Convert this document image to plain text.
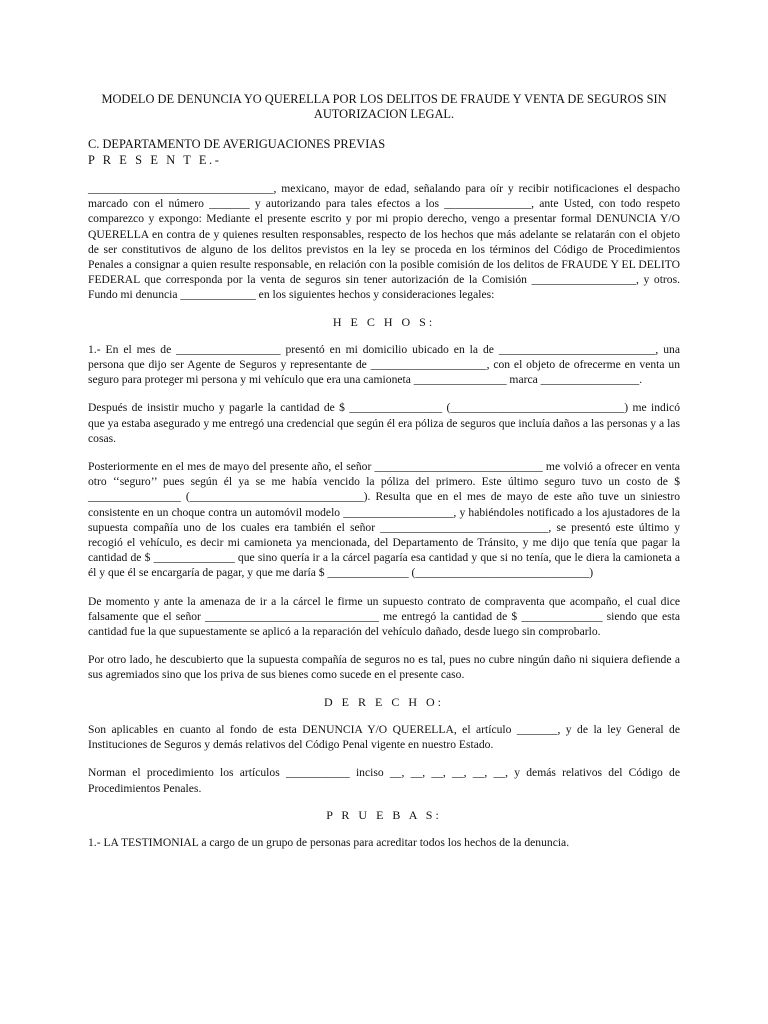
MODELO DE DENUNCIA YO QUERELLA POR LOS DELITOS DE FRAUDE Y VENTA DE SEGUROS SIN AUTORIZACION LEGAL.

C. DEPARTAMENTO DE AVERIGUACIONES PREVIAS

P R E S E N T E.-

________________________________, mexicano, mayor de edad, señalando para oír y recibir notificaciones el despacho marcado con el número _______ y autorizando para tales efectos a los _______________, ante Usted, con todo respeto comparezco y expongo: Mediante el presente escrito y por mi propio derecho, vengo a presentar formal DENUNCIA Y/O QUERELLA en contra de y quienes resulten responsables, respecto de los hechos que más adelante se relatarán con el objeto de ser constitutivos de alguno de los delitos previstos en la ley se proceda en los términos del Código de Procedimientos Penales a consignar a quien resulte responsable, en relación con la posible comisión de los delitos de FRAUDE Y EL DELITO FEDERAL que corresponda por la venta de seguros sin tener autorización de la Comisión __________________, y otros. Fundo mi denuncia _____________ en los siguientes hechos y consideraciones legales:

H E C H O S:

1.- En el mes de __________________ presentó en mi domicilio ubicado en la de ___________________________, una persona que dijo ser Agente de Seguros y representante de ____________________, con el objeto de ofrecerme en venta un seguro para proteger mi persona y mi vehículo que era una camioneta ________________ marca _________________.

Después de insistir mucho y pagarle la cantidad de $ ________________ (______________________________) me indicó que ya estaba asegurado y me entregó una credencial que según él era póliza de seguros que incluía daños a las personas y a las cosas.

Posteriormente en el mes de mayo del presente año, el señor _____________________________ me volvió a ofrecer en venta otro ‘‘seguro’’ pues según él ya se me había vencido la póliza del primero. Este último seguro tuvo un costo de $ ________________ (______________________________). Resulta que en el mes de mayo de este año tuve un siniestro consistente en un choque contra un automóvil modelo ___________________, y habiéndoles notificado a los ajustadores de la supuesta compañía uno de los cuales era también el señor _____________________________, se presentó este último y recogió el vehículo, es decir mi camioneta ya mencionada, del Departamento de Tránsito, y me dijo que tenía que pagar la cantidad de $ ______________ que sino quería ir a la cárcel pagaría esa cantidad y que si no tenía, que le diera la camioneta a él y que él se encargaría de pagar, y que me daría $ ______________ (______________________________)

De momento y ante la amenaza de ir a la cárcel le firme un supuesto contrato de compraventa que acompaño, el cual dice falsamente que el señor ______________________________ me entregó la cantidad de $ ______________ siendo que esta cantidad fue la que supuestamente se aplicó a la reparación del vehículo dañado, desde luego sin comprobarlo.

Por otro lado, he descubierto que la supuesta compañía de seguros no es tal, pues no cubre ningún daño ni siquiera defiende a sus agremiados sino que los priva de sus bienes como sucede en el presente caso.

D E R E C H O:

Son aplicables en cuanto al fondo de esta DENUNCIA Y/O QUERELLA, el artículo _______, y de la ley General de Instituciones de Seguros y demás relativos del Código Penal vigente en nuestro Estado.

Norman el procedimiento los artículos ___________ inciso __, __, __, __, __, __, y demás relativos del Código de Procedimientos Penales.

P R U E B A S:

1.- LA TESTIMONIAL a cargo de un grupo de personas para acreditar todos los hechos de la denuncia.
